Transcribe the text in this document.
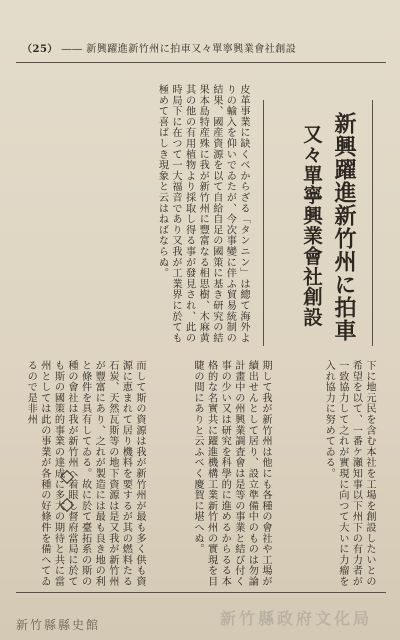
（25） ―― 新興躍進新竹州に拍車又々單寧興業會社創設
新興躍進新竹州に拍車
又々單寧興業會社創設
皮革事業に缺くべからざる「タンニン」は總て海外よりの輸入を仰いでゐたが、今次事變に伴ふ貿易統制の結果、國産資源を以て自給自足の國策に基き研究の結果本島特産殊に我が新竹州に豐富なる相思樹、木麻黄其の他の有用植物より採取し得る事が發見され、此の時局下に在つて一大福音であり又我が工業界に於ても極めて喜ばしき現象と云はねばならぬ。
而して斯の資源は我が新竹州が最も多く供も資源に恵まれて居り機料を要するが其の燃料たる石炭、天然瓦斯等の地下資源は是又我が新竹州が豐富にあり、之れが製造には最も良き地の利と條件を具有してゐる。故に於て臺拓系の斯の種の會社は我が新竹州へ着眼し督府當局に於ても斯の國策的事業の達成に多大の期待と共に當州としては此の事業が各種の好條件を備へてゐるので是非州	下に地元民を含む本社を工場を創設したいとの希望を以て、一番ケ瀬知事以下州下の有力者が一致協力して之れが實現に向つて大いに力瘤を入れ協力に努めてゐる。
期して我が新竹州は他にも各種の會社や工場が續出せんとして居り、設立準備中のものは勿論計畫中の州興業調査會は是等の事業と結び付く事の少い又は研究を科學的に進めるからるる本格的な名實共に躍進機構工業新竹州の實現を目睫の間にありと云ふべく慶賀に堪へぬ。
新竹縣縣史館	新竹縣政府文化局
